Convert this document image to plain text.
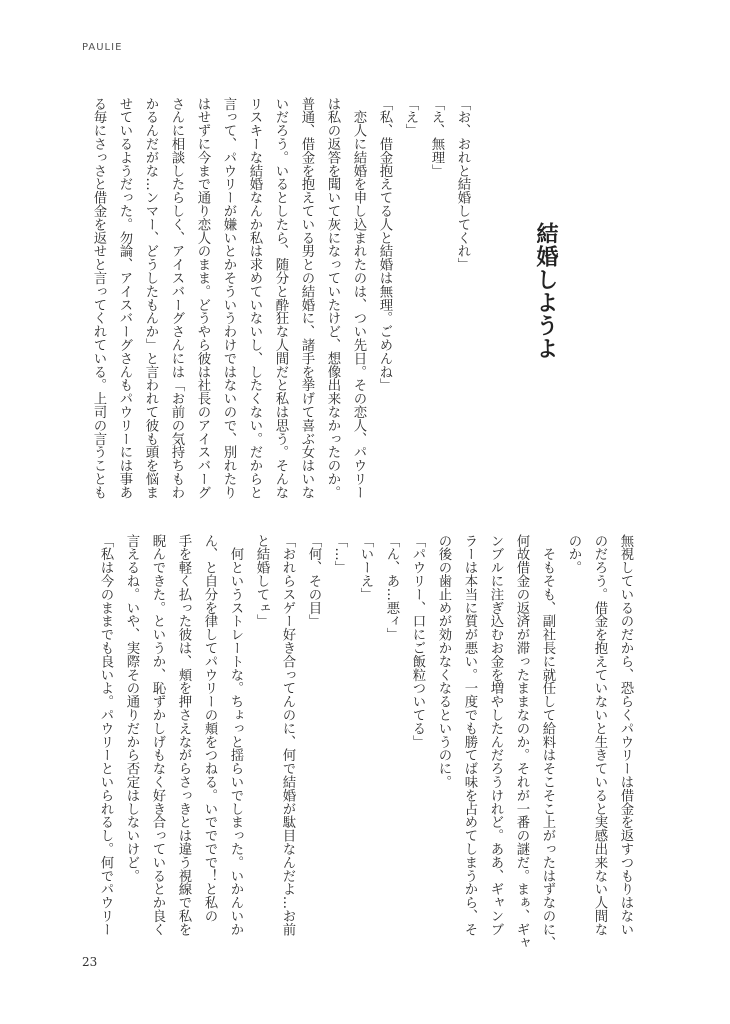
PAULIE
結婚しようよ
「お、おれと結婚してくれ」
「え、無理」
「え」
「私、借金抱えてる人と結婚は無理。ごめんね」
　恋人に結婚を申し込まれたのは、つい先日。その恋人、パウリー
は私の返答を聞いて灰になっていたけど、想像出来なかったのか。
普通、借金を抱えている男との結婚に、諸手を挙げて喜ぶ女はいな
いだろう。いるとしたら、随分と酔狂な人間だと私は思う。そんな
リスキーな結婚なんか私は求めていないし、したくない。だからと
言って、パウリーが嫌いとかそういうわけではないので、別れたり
はせずに今まで通り恋人のまま。どうやら彼は社長のアイスバーグ
さんに相談したらしく、アイスバーグさんには「お前の気持ちもわ
かるんだがな…ンマー、どうしたもんか」と言われて彼も頭を悩ま
せているようだった。勿論、アイスバーグさんもパウリーには事あ
る毎にさっさと借金を返せと言ってくれている。上司の言うことも
無視しているのだから、恐らくパウリーは借金を返すつもりはない
のだろう。借金を抱えていないと生きていると実感出来ない人間な
のか。
　そもそも、副社長に就任して給料はそこそこ上がったはずなのに、
何故借金の返済が滞ったままなのか。それが一番の謎だ。まぁ、ギャ
ンブルに注ぎ込むお金を増やしたんだろうけれど。ああ、ギャンブ
ラーは本当に質が悪い。一度でも勝てば味を占めてしまうから、そ
の後の歯止めが効かなくなるというのに。
「パウリー、口にご飯粒ついてる」
「ん、あ…悪ィ」
「いーえ」
「…」
「何、その目」
「おれらスゲー好き合ってんのに、何で結婚が駄目なんだよ…お前
と結婚してェ」
　何というストレートな。ちょっと揺らいでしまった。いかんいか
ん、と自分を律してパウリーの頬をつねる。いでででで！と私の
手を軽く払った彼は、頬を押さえながらさっきとは違う視線で私を
睨んできた。というか、恥ずかしげもなく好き合っているとか良く
言えるね。いや、実際その通りだから否定はしないけど。
「私は今のままでも良いよ。パウリーといられるし。何でパウリー
23
